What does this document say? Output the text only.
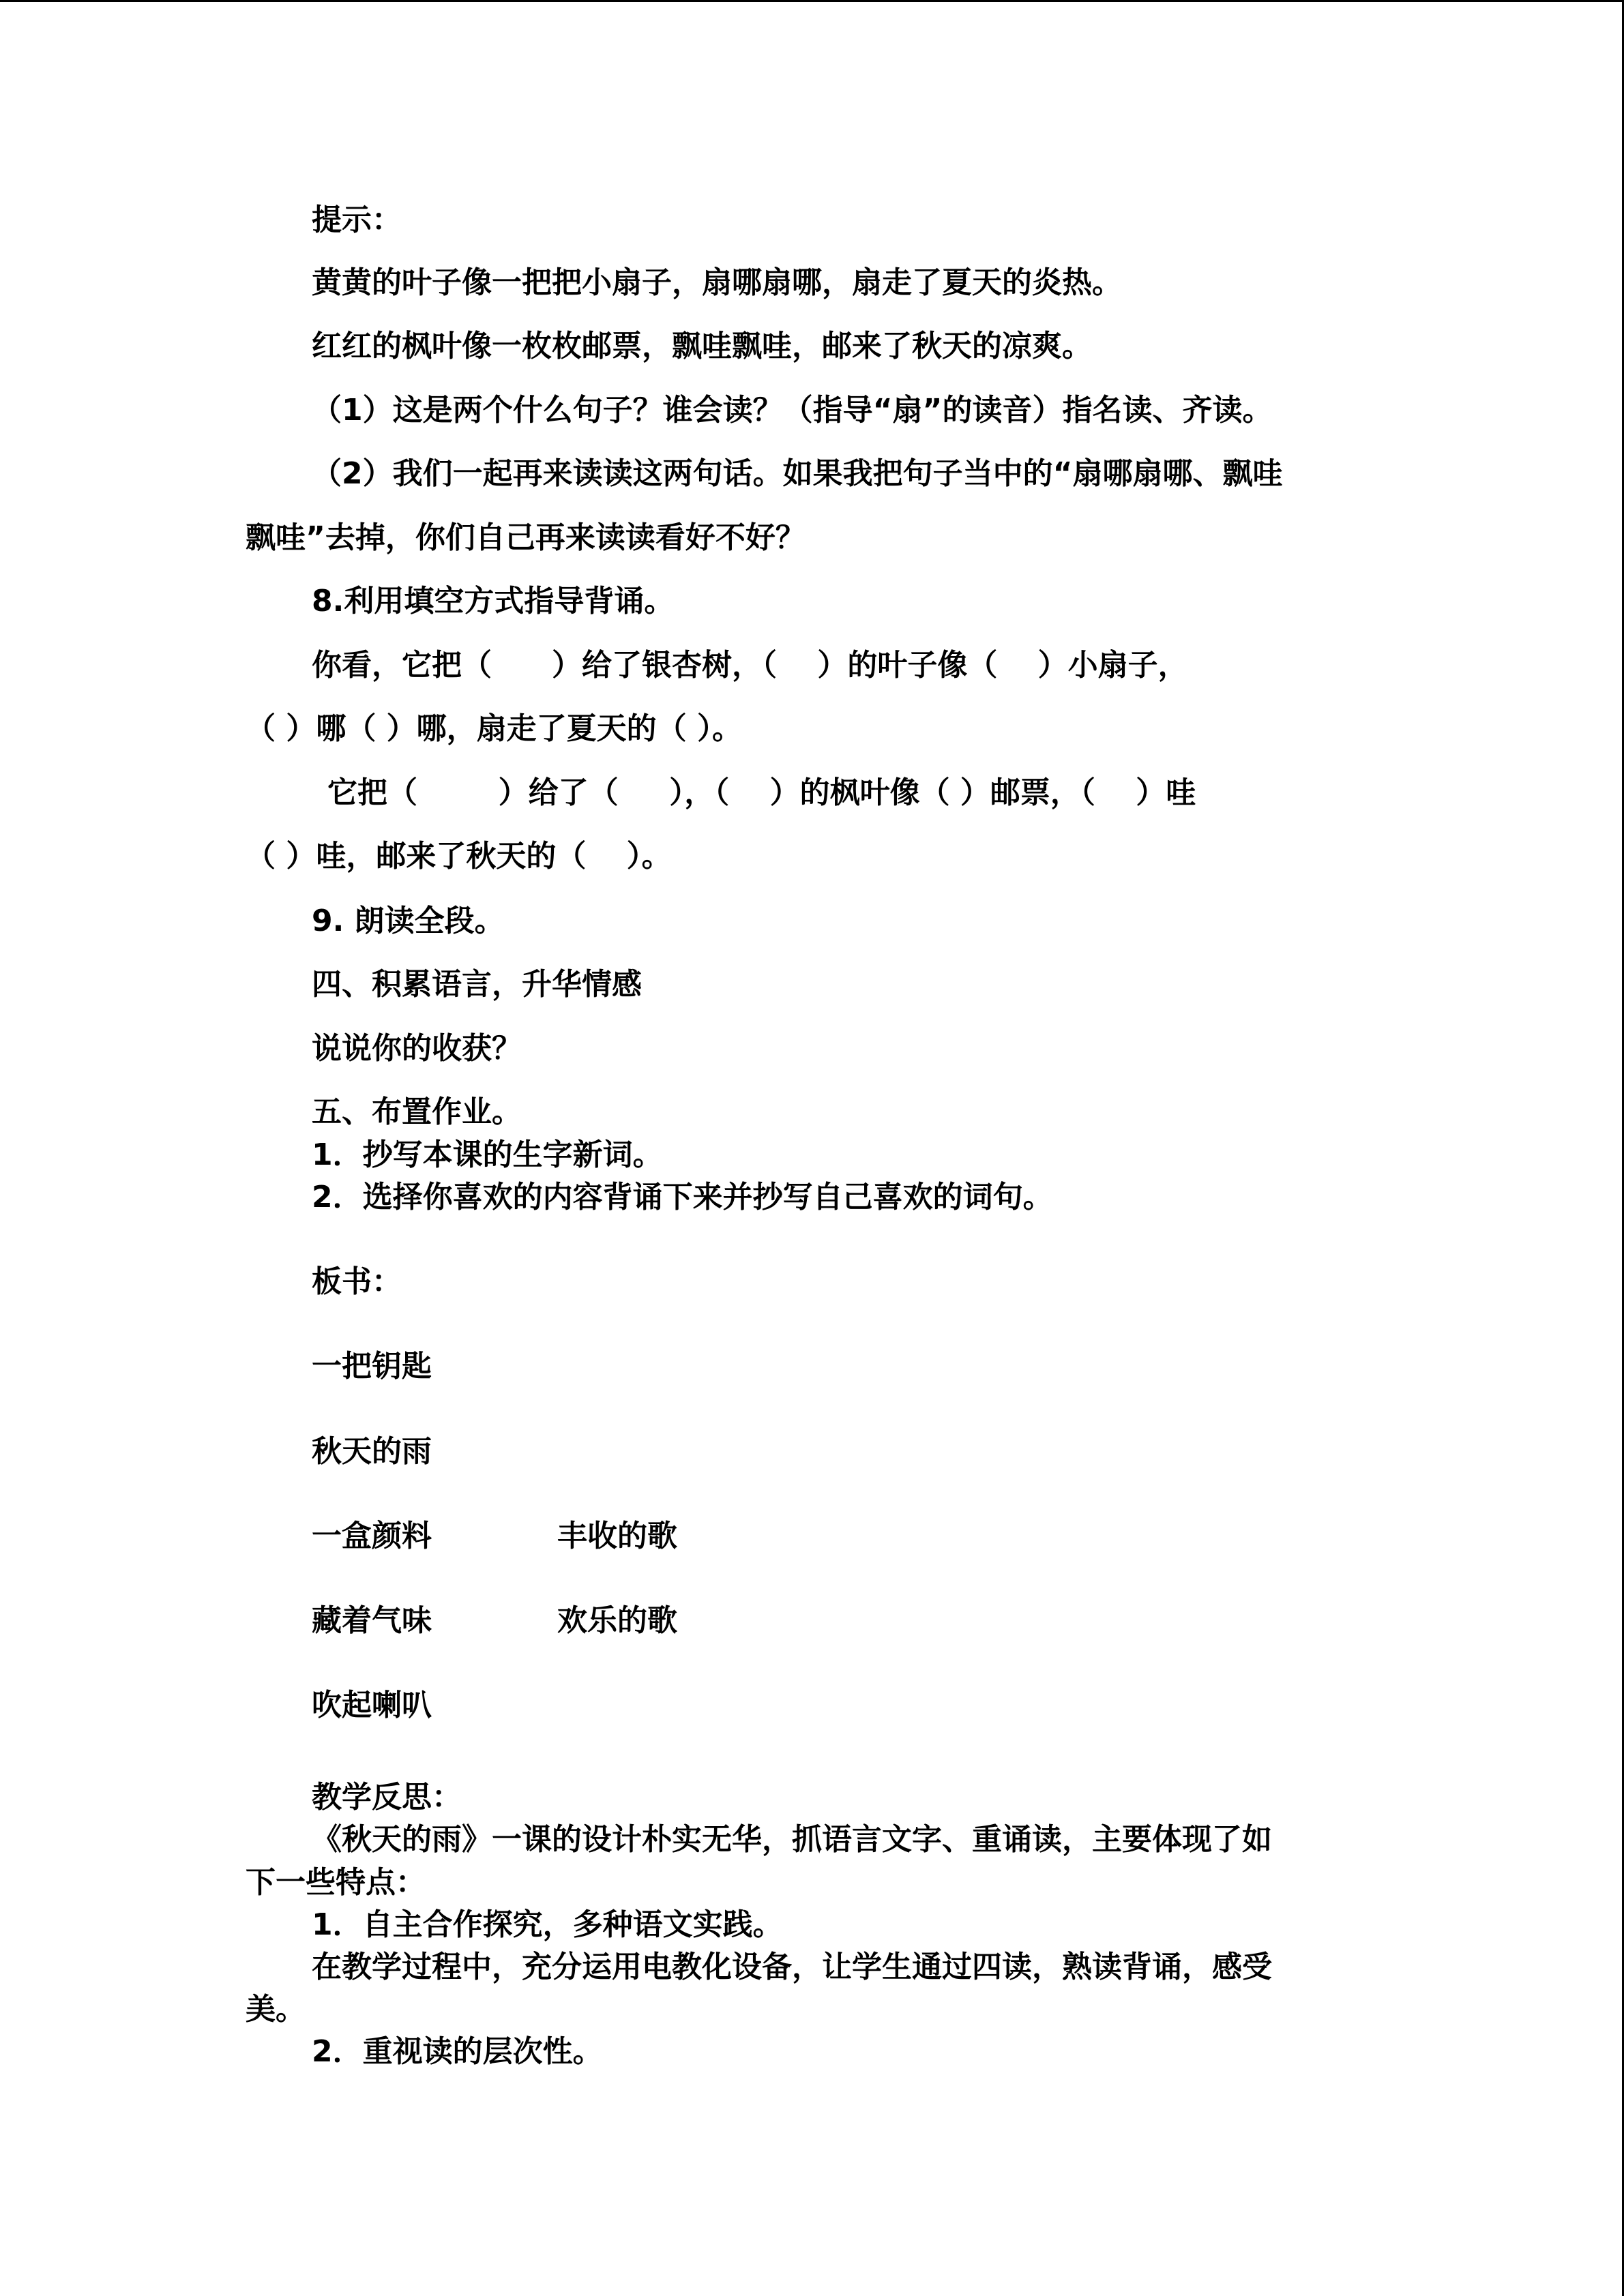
提示：

黄黄的叶子像一把把小扇子，扇哪扇哪，扇走了夏天的炎热。

红红的枫叶像一枚枚邮票，飘哇飘哇，邮来了秋天的凉爽。

（1）这是两个什么句子？谁会读？（指导“扇”的读音）指名读、齐读。

（2）我们一起再来读读这两句话。如果我把句子当中的“扇哪扇哪、飘哇

飘哇”去掉，你们自己再来读读看好不好？

8.利用填空方式指导背诵。

你看，它把（　　）给了银杏树，（　 ）的叶子像（　 ）小扇子，

（ ）哪（ ）哪，扇走了夏天的（ ）。

它把（　　  ）给了（　  ），（　 ）的枫叶像（ ）邮票，（　 ）哇

（ ）哇，邮来了秋天的（　 ）。

9. 朗读全段。

四、积累语言，升华情感

说说你的收获？

五、布置作业。

1．抄写本课的生字新词。

2．选择你喜欢的内容背诵下来并抄写自己喜欢的词句。

板书：

一把钥匙

秋天的雨

一盒颜料	丰收的歌

藏着气味	欢乐的歌

吹起喇叭

教学反思：

《秋天的雨》一课的设计朴实无华，抓语言文字、重诵读，主要体现了如

下一些特点：

1．自主合作探究，多种语文实践。

在教学过程中，充分运用电教化设备，让学生通过四读，熟读背诵，感受

美。

2．重视读的层次性。
